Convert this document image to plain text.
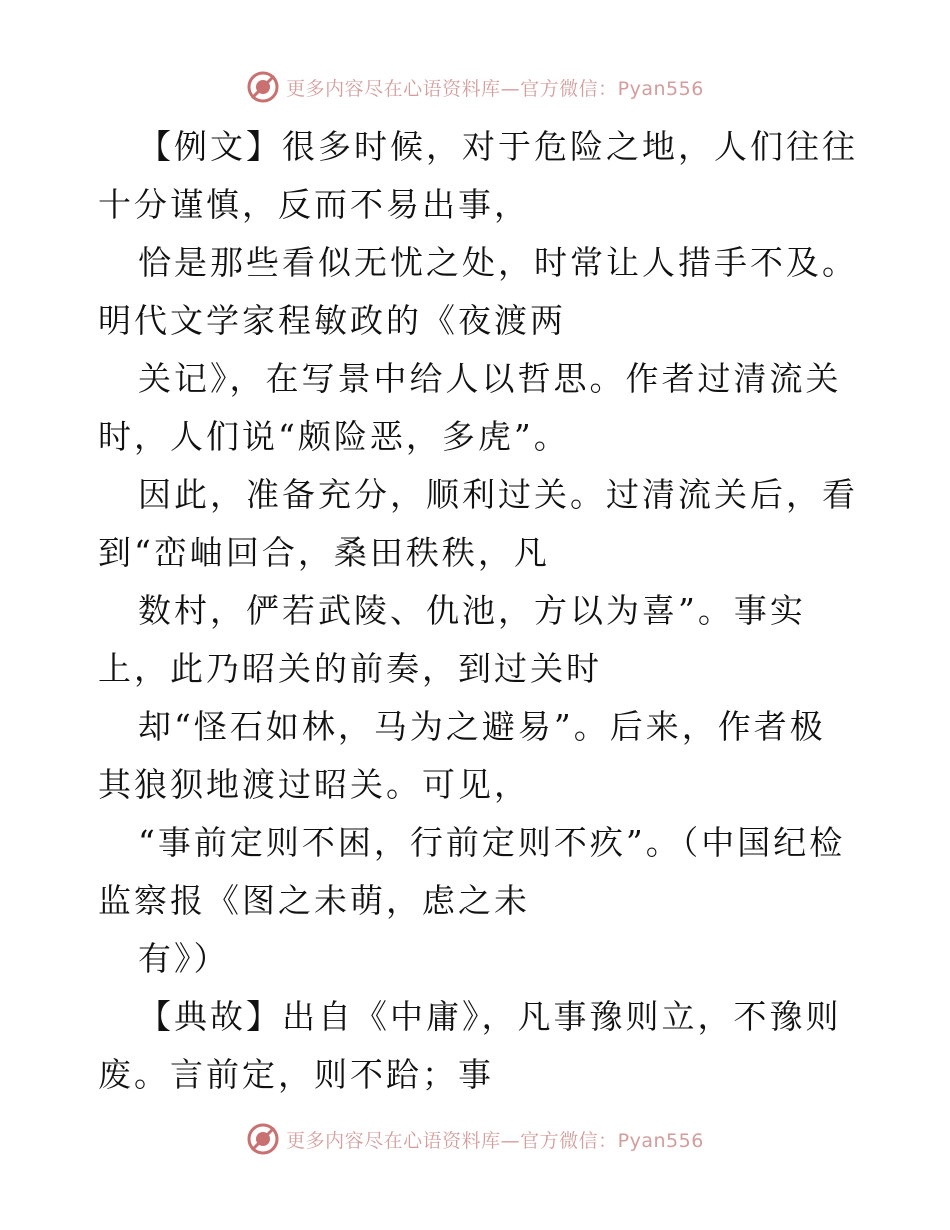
更多内容尽在心语资料库—官方微信：Pyan556

【例文】很多时候，对于危险之地，人们往往十分谨慎，反而不易出事，

恰是那些看似无忧之处，时常让人措手不及。明代文学家程敏政的《夜渡两

关记》，在写景中给人以哲思。作者过清流关时，人们说“颇险恶，多虎”。

因此，准备充分，顺利过关。过清流关后，看到“峦岫回合，桑田秩秩，凡

数村，俨若武陵、仇池，方以为喜”。事实上，此乃昭关的前奏，到过关时

却“怪石如林，马为之避易”。后来，作者极其狼狈地渡过昭关。可见，

“事前定则不困，行前定则不疚”。（中国纪检监察报《图之未萌，虑之未

有》）

【典故】出自《中庸》，凡事豫则立，不豫则废。言前定，则不跲；事

更多内容尽在心语资料库—官方微信：Pyan556
